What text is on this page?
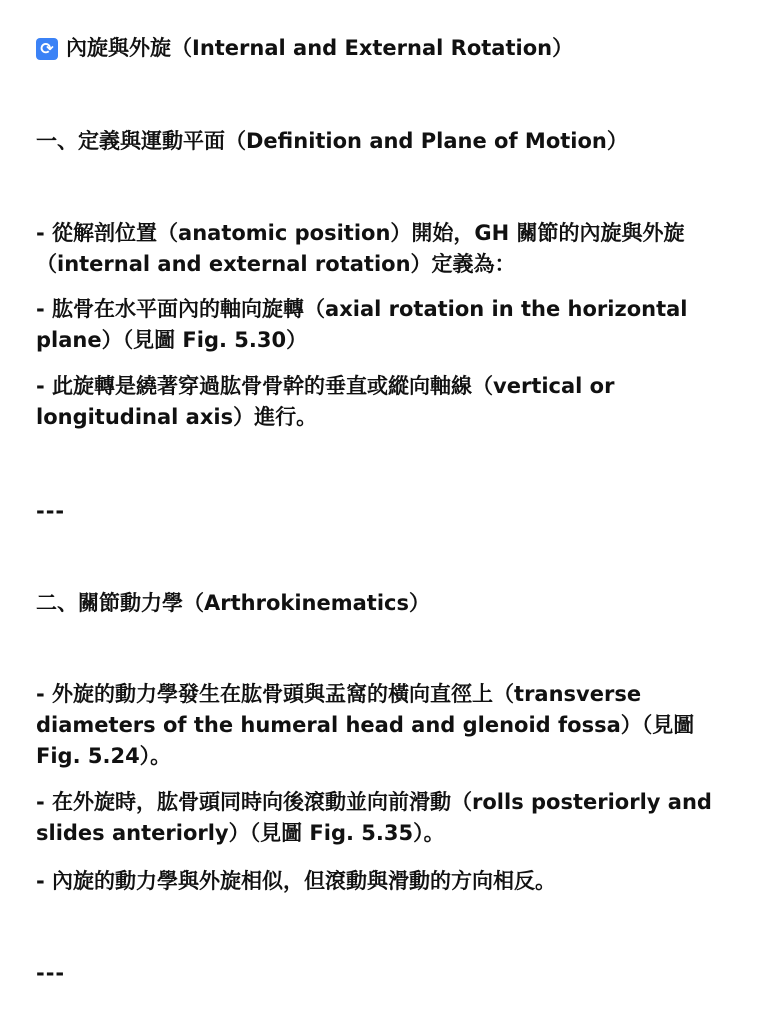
⟳ 內旋與外旋（Internal and External Rotation）
一、定義與運動平面（Definition and Plane of Motion）
- 從解剖位置（anatomic position）開始，GH 關節的內旋與外旋（internal and external rotation）定義為：
- 肱骨在水平面內的軸向旋轉（axial rotation in the horizontal plane）（見圖 Fig. 5.30）
- 此旋轉是繞著穿過肱骨骨幹的垂直或縱向軸線（vertical or longitudinal axis）進行。
---
二、關節動力學（Arthrokinematics）
- 外旋的動力學發生在肱骨頭與盂窩的橫向直徑上（transverse diameters of the humeral head and glenoid fossa）（見圖 Fig. 5.24）。
- 在外旋時，肱骨頭同時向後滾動並向前滑動（rolls posteriorly and slides anteriorly）（見圖 Fig. 5.35）。
- 內旋的動力學與外旋相似，但滾動與滑動的方向相反。
---
